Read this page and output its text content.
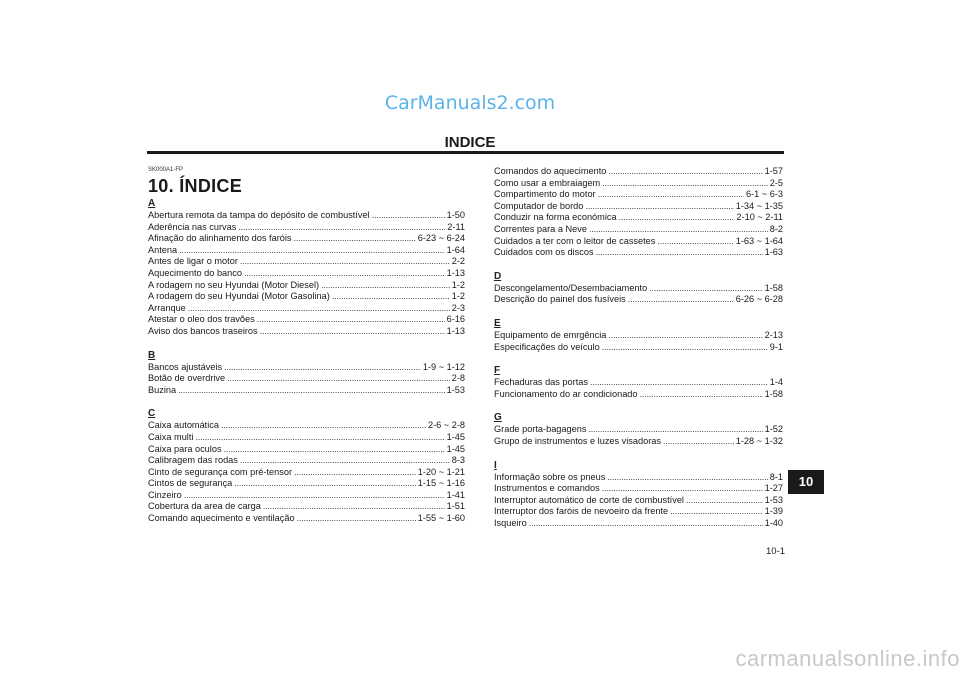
CarManuals2.com
INDICE
SK000A1-FP
10. ÍNDICE
A
Abertura remota da tampa do depósito de combustível . . .	1-50
Aderência nas curvas . . .	2-11
Afinação do alinhamento dos faróis . . .	6-23 ~ 6-24
Antena . . .	1-64
Antes de ligar o motor . . .	2-2
Aquecimento do banco . . .	1-13
A rodagem no seu Hyundai (Motor Diesel) . . .	1-2
A rodagem do seu Hyundai (Motor Gasolina) . . .	1-2
Arranque . . .	2-3
Atestar o oleo dos travões . . .	6-16
Aviso dos bancos traseiros . . .	1-13
B
Bancos ajustáveis . . .	1-9 ~ 1-12
Botão de overdrive . . .	2-8
Buzina . . .	1-53
C
Caixa automática . . .	2-6 ~ 2-8
Caixa multi . . .	1-45
Caixa para oculos . . .	1-45
Calibragem das rodas . . .	8-3
Cinto de segurança com pré-tensor . . .	1-20 ~ 1-21
Cintos de segurança . . .	1-15 ~ 1-16
Cinzeiro . . .	1-41
Cobertura da area de carga . . .	1-51
Comando aquecimento e ventilação . . .	1-55 ~ 1-60
Comandos do aquecimento . . .	1-57
Como usar a embraiagem . . .	2-5
Compartimento do motor . . .	6-1 ~ 6-3
Computador de bordo . . .	1-34 ~ 1-35
Conduzir na forma económica . . .	2-10 ~ 2-11
Correntes para a Neve . . .	8-2
Cuidados a ter com o leitor de cassetes . . .	1-63 ~ 1-64
Cuidados com os discos . . .	1-63
D
Descongelamento/Desembaciamento . . .	1-58
Descrição do painel dos fusíveis . . .	6-26 ~ 6-28
E
Equipamento de emrgência . . .	2-13
Especificações do veículo . . .	9-1
F
Fechaduras das portas . . .	1-4
Funcionamento do ar condicionado . . .	1-58
G
Grade porta-bagagens . . .	1-52
Grupo de instrumentos e luzes visadoras . . .	1-28 ~ 1-32
I
Informação sobre os pneus . . .	8-1
Instrumentos e comandos . . .	1-27
Interruptor automático de corte de combustível . . .	1-53
Interruptor dos faróis de nevoeiro da frente . . .	1-39
Isqueiro . . .	1-40
10-1
10
carmanualsonline.info
